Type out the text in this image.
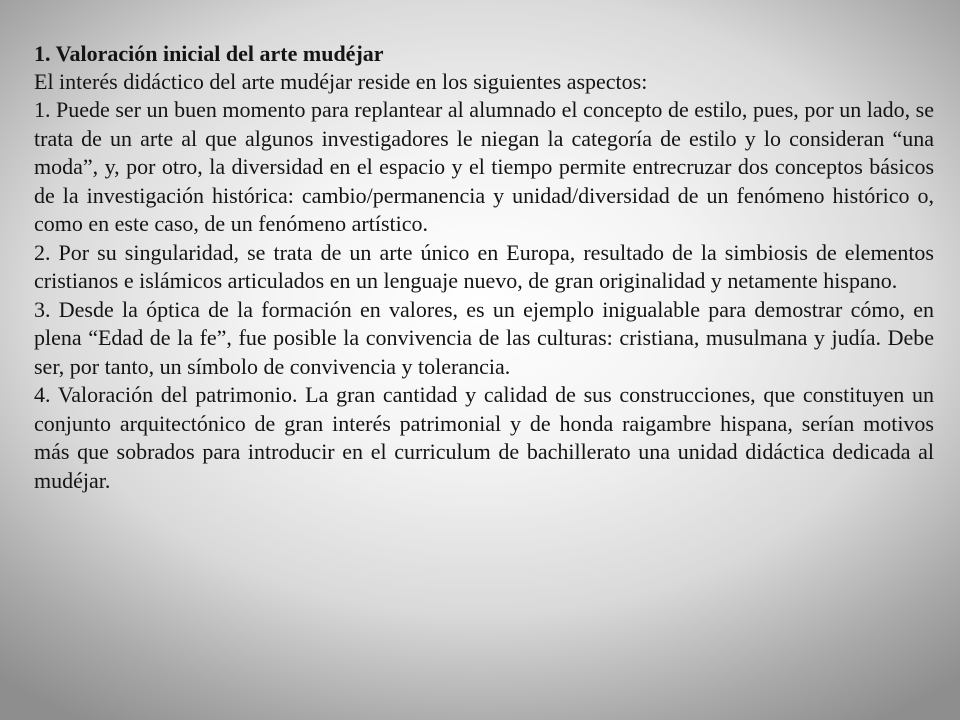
1. Valoración inicial del arte mudéjar

El interés didáctico del arte mudéjar reside en los siguientes aspectos:

1. Puede ser un buen momento para replantear al alumnado el concepto de estilo, pues, por un lado, se trata de un arte al que algunos investigadores le niegan la categoría de estilo y lo consideran “una moda”, y, por otro, la diversidad en el espacio y el tiempo permite entrecruzar dos conceptos básicos de la investigación histórica: cambio/permanencia y unidad/diversidad de un fenómeno histórico o, como en este caso, de un fenómeno artístico.

2. Por su singularidad, se trata de un arte único en Europa, resultado de la simbiosis de elementos cristianos e islámicos articulados en un lenguaje nuevo, de gran originalidad y netamente hispano.

3. Desde la óptica de la formación en valores, es un ejemplo inigualable para demostrar cómo, en plena “Edad de la fe”, fue posible la convivencia de las culturas: cristiana, musulmana y judía. Debe ser, por tanto, un símbolo de convivencia y tolerancia.

4. Valoración del patrimonio. La gran cantidad y calidad de sus construcciones, que constituyen un conjunto arquitectónico de gran interés patrimonial y de honda raigambre hispana, serían motivos más que sobrados para introducir en el curriculum de bachillerato una unidad didáctica dedicada al mudéjar.
